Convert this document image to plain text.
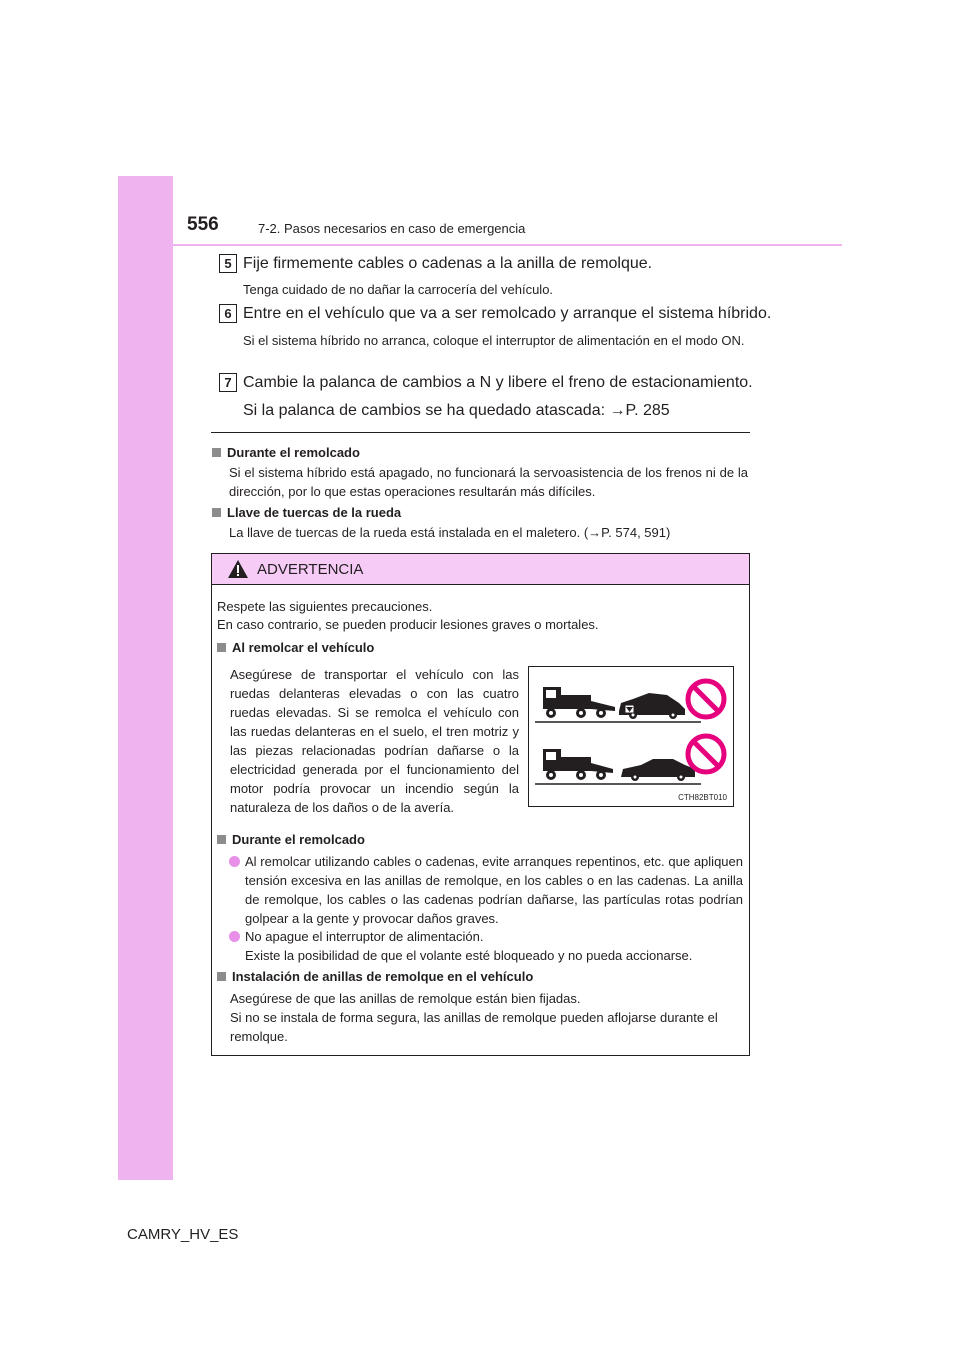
556	7-2. Pasos necesarios en caso de emergencia
5 Fije firmemente cables o cadenas a la anilla de remolque.
Tenga cuidado de no dañar la carrocería del vehículo.
6 Entre en el vehículo que va a ser remolcado y arranque el sistema híbrido.
Si el sistema híbrido no arranca, coloque el interruptor de alimentación en el modo ON.
7 Cambie la palanca de cambios a N y libere el freno de estacionamiento.
Si la palanca de cambios se ha quedado atascada: →P. 285
Durante el remolcado
Si el sistema híbrido está apagado, no funcionará la servoasistencia de los frenos ni de la dirección, por lo que estas operaciones resultarán más difíciles.
Llave de tuercas de la rueda
La llave de tuercas de la rueda está instalada en el maletero. (→P. 574, 591)
ADVERTENCIA
Respete las siguientes precauciones.
En caso contrario, se pueden producir lesiones graves o mortales.
Al remolcar el vehículo
Asegúrese de transportar el vehículo con las ruedas delanteras elevadas o con las cuatro ruedas elevadas. Si se remolca el vehículo con las ruedas delanteras en el suelo, el tren motriz y las piezas relacionadas podrían dañarse o la electricidad generada por el funcionamiento del motor podría provocar un incendio según la naturaleza de los daños o de la avería.
CTH82BT010
Durante el remolcado
Al remolcar utilizando cables o cadenas, evite arranques repentinos, etc. que apliquen tensión excesiva en las anillas de remolque, en los cables o en las cadenas. La anilla de remolque, los cables o las cadenas podrían dañarse, las partículas rotas podrían golpear a la gente y provocar daños graves.
No apague el interruptor de alimentación.
Existe la posibilidad de que el volante esté bloqueado y no pueda accionarse.
Instalación de anillas de remolque en el vehículo
Asegúrese de que las anillas de remolque están bien fijadas.
Si no se instala de forma segura, las anillas de remolque pueden aflojarse durante el remolque.
CAMRY_HV_ES
